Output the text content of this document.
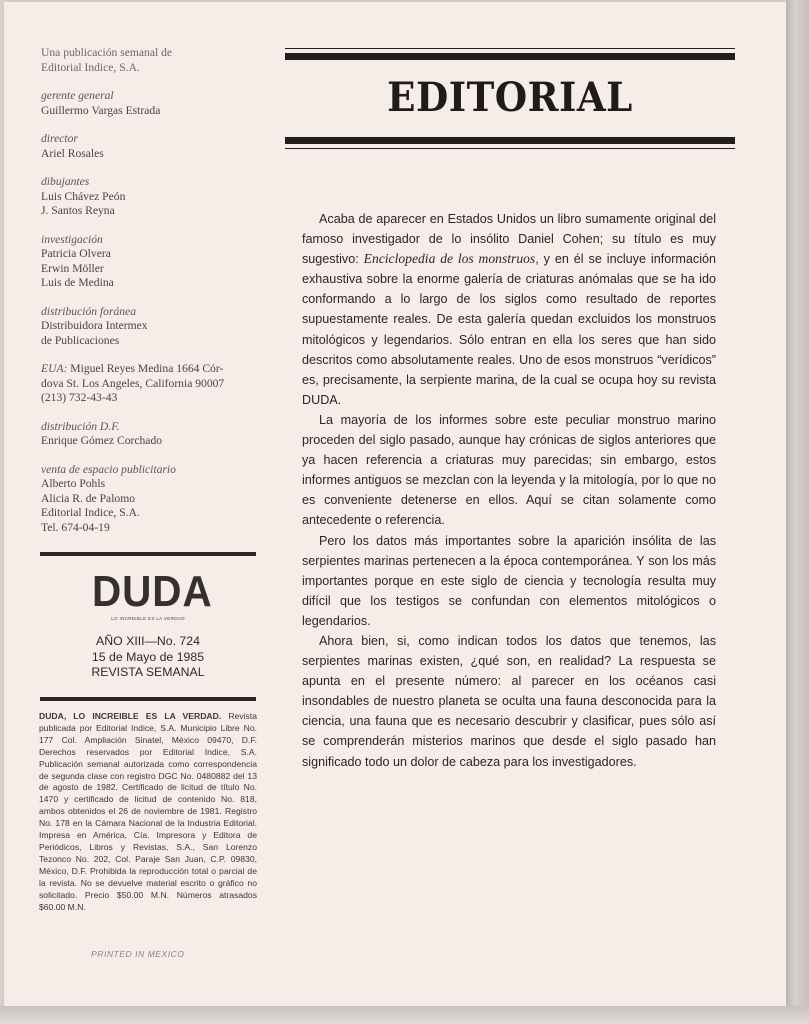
Una publicación semanal de
Editorial Indice, S.A.
gerente general
Guillermo Vargas Estrada
director
Ariel Rosales
dibujantes
Luis Chávez Peón
J. Santos Reyna
investigación
Patricia Olvera
Erwin Möller
Luis de Medina
distribución foránea
Distribuidora Intermex
de Publicaciones
EUA: Miguel Reyes Medina 1664 Cór-
dova St. Los Angeles, California 90007
(213) 732-43-43
distribución D.F.
Enrique Gómez Corchado
venta de espacio publicitario
Alberto Pohls
Alicia R. de Palomo
Editorial Indice, S.A.
Tel. 674-04-19
DUDA
LO INCREIBLE ES LA VERDAD
AÑO XIII—No. 724
15 de Mayo de 1985
REVISTA SEMANAL
DUDA, LO INCREIBLE ES LA VERDAD. Revista publicada por Editorial Indice, S.A. Municipio Libre No. 177 Col. Ampliación Sinatel, México 09470, D.F. Derechos reservados por Editorial Indice, S.A. Publicación semanal autorizada como correspondencia de segunda clase con registro DGC No. 0480882 del 13 de agosto de 1982. Certificado de licitud de título No. 1470 y certificado de licitud de contenido No. 818, ambos obtenidos el 26 de noviembre de 1981. Registro No. 178 en la Cámara Nacional de la Industria Editorial. Impresa en América, Cía. Impresora y Editora de Periódicos, Libros y Revistas, S.A., San Lorenzo Tezonco No. 202, Col. Paraje San Juan, C.P. 09830, México, D.F. Prohibida la reproducción total o parcial de la revista. No se devuelve material escrito o gráfico no solicitado. Precio $50.00 M.N. Números atrasados $60.00 M.N.
PRINTED IN MEXICO
EDITORIAL

Acaba de aparecer en Estados Unidos un libro sumamente original del famoso investigador de lo insólito Daniel Cohen; su título es muy sugestivo: Enciclopedia de los monstruos, y en él se incluye información exhaustiva sobre la enorme galería de criaturas anómalas que se ha ido conformando a lo largo de los siglos como resultado de reportes supuestamente reales. De esta galería quedan excluidos los monstruos mitológicos y legendarios. Sólo entran en ella los seres que han sido descritos como absolutamente reales. Uno de esos monstruos “verídicos” es, precisamente, la serpiente marina, de la cual se ocupa hoy su revista DUDA.

La mayoría de los informes sobre este peculiar monstruo marino proceden del siglo pasado, aunque hay crónicas de siglos anteriores que ya hacen referencia a criaturas muy parecidas; sin embargo, estos informes antiguos se mezclan con la leyenda y la mitología, por lo que no es conveniente detenerse en ellos. Aquí se citan solamente como antecedente o referencia.

Pero los datos más importantes sobre la aparición insólita de las serpientes marinas pertenecen a la época contemporánea. Y son los más importantes porque en este siglo de ciencia y tecnología resulta muy difícil que los testigos se confundan con elementos mitológicos o legendarios.

Ahora bien, si, como indican todos los datos que tenemos, las serpientes marinas existen, ¿qué son, en realidad? La respuesta se apunta en el presente número: al parecer en los océanos casi insondables de nuestro planeta se oculta una fauna desconocida para la ciencia, una fauna que es necesario descubrir y clasificar, pues sólo así se comprenderán misterios marinos que desde el siglo pasado han significado todo un dolor de cabeza para los investigadores.
